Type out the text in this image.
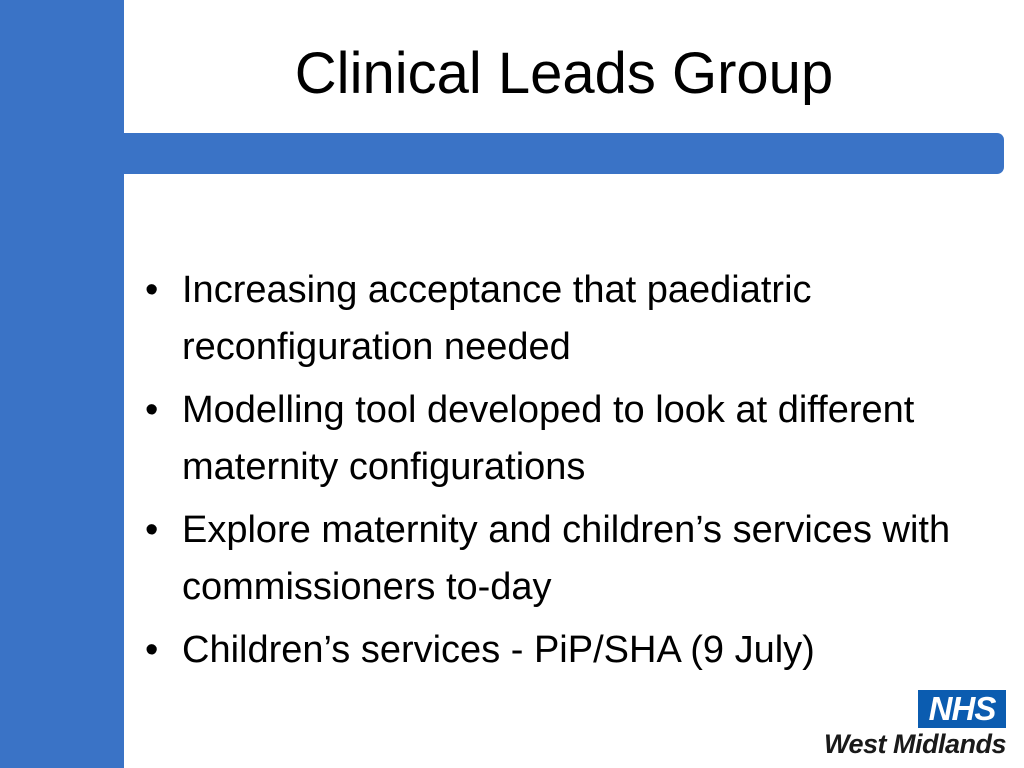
Clinical Leads Group
• Increasing acceptance that paediatric reconfiguration needed
• Modelling tool developed to look at different maternity configurations
• Explore maternity and children’s services with commissioners to-day
• Children’s services - PiP/SHA (9 July)
NHS
West Midlands
